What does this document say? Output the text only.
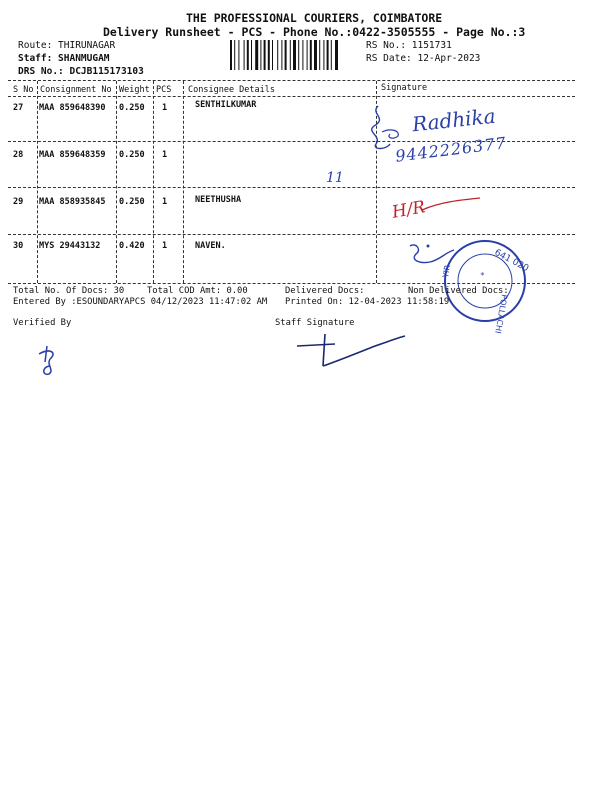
THE PROFESSIONAL COURIERS, COIMBATORE
Delivery Runsheet - PCS - Phone No.:0422-3505555 - Page No.:3
Route: THIRUNAGAR
Staff: SHANMUGAM
DRS No.: DCJB115173103
RS No.: 1151731
RS Date: 12-Apr-2023
S No Consignment No Weight PCS Consignee Details	Signature
27 MAA 859648390 0.250 1	SENTHILKUMAR
28 MAA 859648359 0.250 1
29 MAA 858935845 0.250 1	NEETHUSHA
30 MYS 29443132 0.420 1	NAVEN.
Radhika
9442226377
11
H/R
641 020
POLLACHI
YIR	*
Total No. Of Docs: 30	Total COD Amt: 0.00	Delivered Docs:	Non Delivered Docs:
Entered By :ESOUNDARYAPCS 04/12/2023 11:47:02 AM Printed On: 12-04-2023 11:58:19
Verified By	Staff Signature
